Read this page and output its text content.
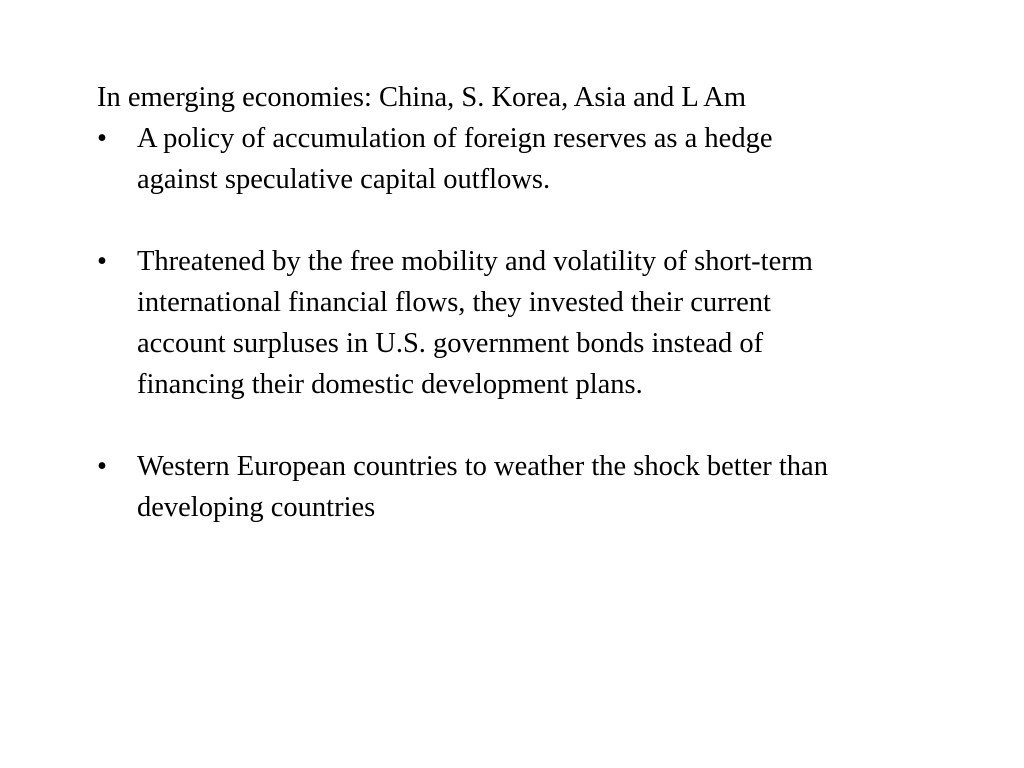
In emerging economies: China, S. Korea, Asia and L Am

•	A policy of accumulation of foreign reserves as a hedge
against speculative capital outflows.
•	Threatened by the free mobility and volatility of short-term
international financial flows, they invested their current
account surpluses in U.S. government bonds instead of
financing their domestic development plans.
•	Western European countries to weather the shock better than
developing countries
